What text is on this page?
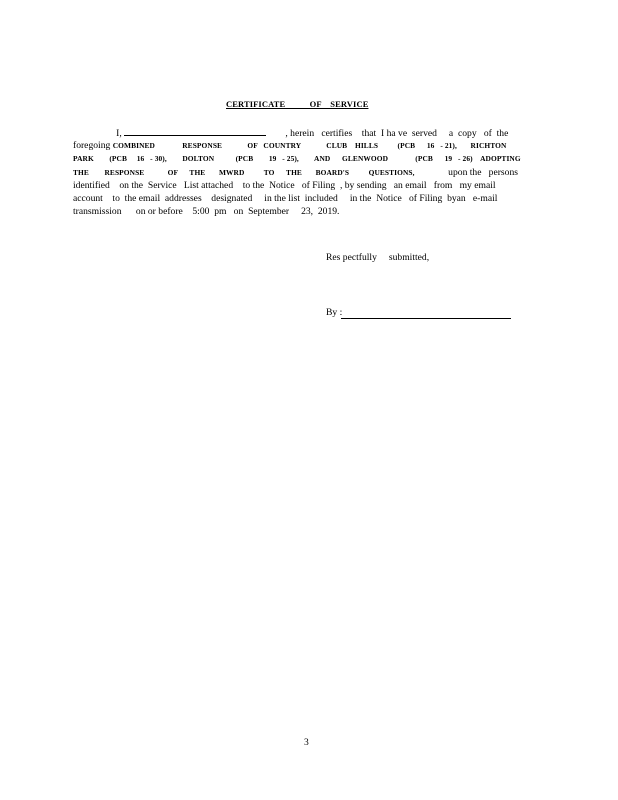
CERTIFICATE           OF    SERVICE
I,	, herein   certifies    that  I ha ve  served     a  copy   of  the
foregoing COMBINED              RESPONSE             OF   COUNTRY             CLUB    HILLS          (PCB      16   - 21),       RICHTON
PARK        (PCB     16   - 30),        DOLTON           (PCB        19   - 25),        AND      GLENWOOD              (PCB      19   - 26)    ADOPTING
THE        RESPONSE            OF      THE       MWRD          TO      THE       BOARD'S          QUESTIONS,              upon the   persons
identified    on the  Service   List attached    to the  Notice   of Filing  , by sending   an email   from   my email
account    to  the email  addresses    designated     in the list  included     in the  Notice   of Filing  byan   e-mail
transmission      on or before    5:00  pm   on  September     23,  2019.
Res pectfully     submitted,
By :
3
